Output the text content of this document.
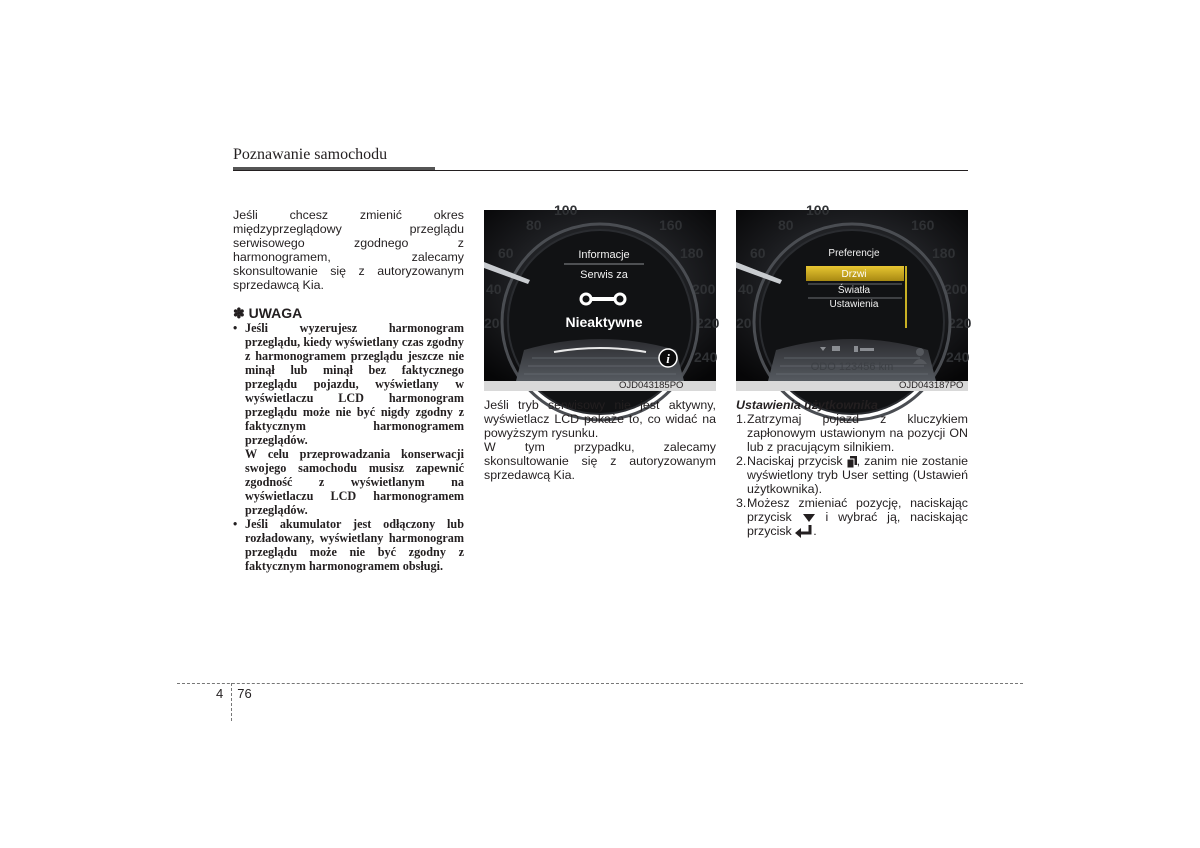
Poznawanie samochodu
Jeśli chcesz zmienić okres międzyprzeglądowy przeglądu serwisowego zgodnego z harmonogramem, zalecamy skonsultowanie się z autoryzowanym sprzedawcą Kia.
✽ UWAGA
• Jeśli wyzerujesz harmonogram przeglądu, kiedy wyświetlany czas zgodny z harmonogramem przeglądu jeszcze nie minął lub minął bez faktycznego przeglądu pojazdu, wyświetlany w wyświetlaczu LCD harmonogram przeglądu może nie być nigdy zgodny z faktycznym harmonogramem przeglądów.
W celu przeprowadzania konserwacji swojego samochodu musisz zapewnić zgodność z wyświetlanym na wyświetlaczu LCD harmonogramem przeglądów.
• Jeśli akumulator jest odłączony lub rozładowany, wyświetlany harmonogram przeglądu może nie być zgodny z faktycznym harmonogramem obsługi.
80
100
160
60	180
40	200
20	220
240
Informacje
Serwis za
Nieaktywne
i
OJD043185PO
80
100
160
60	180
40	200
20	220
240
Preferencje
Drzwi
Światła
Ustawienia
ODO 123456 km
OJD043187PO
Jeśli tryb serwisowy nie jest aktywny, wyświetlacz LCD pokaże to, co widać na powyższym rysunku.
W tym przypadku, zalecamy skonsultowanie się z autoryzowanym sprzedawcą Kia.
Ustawienia użytkownika
1. Zatrzymaj pojazd z kluczykiem zapłonowym ustawionym na pozycji ON lub z pracującym silnikiem.
2. Naciskaj przycisk , zanim nie zostanie wyświetlony tryb User setting (Ustawień użytkownika).
3. Możesz zmieniać pozycję, naciskając przycisk	i wybrać ją, naciskając przycisk .
4 76
